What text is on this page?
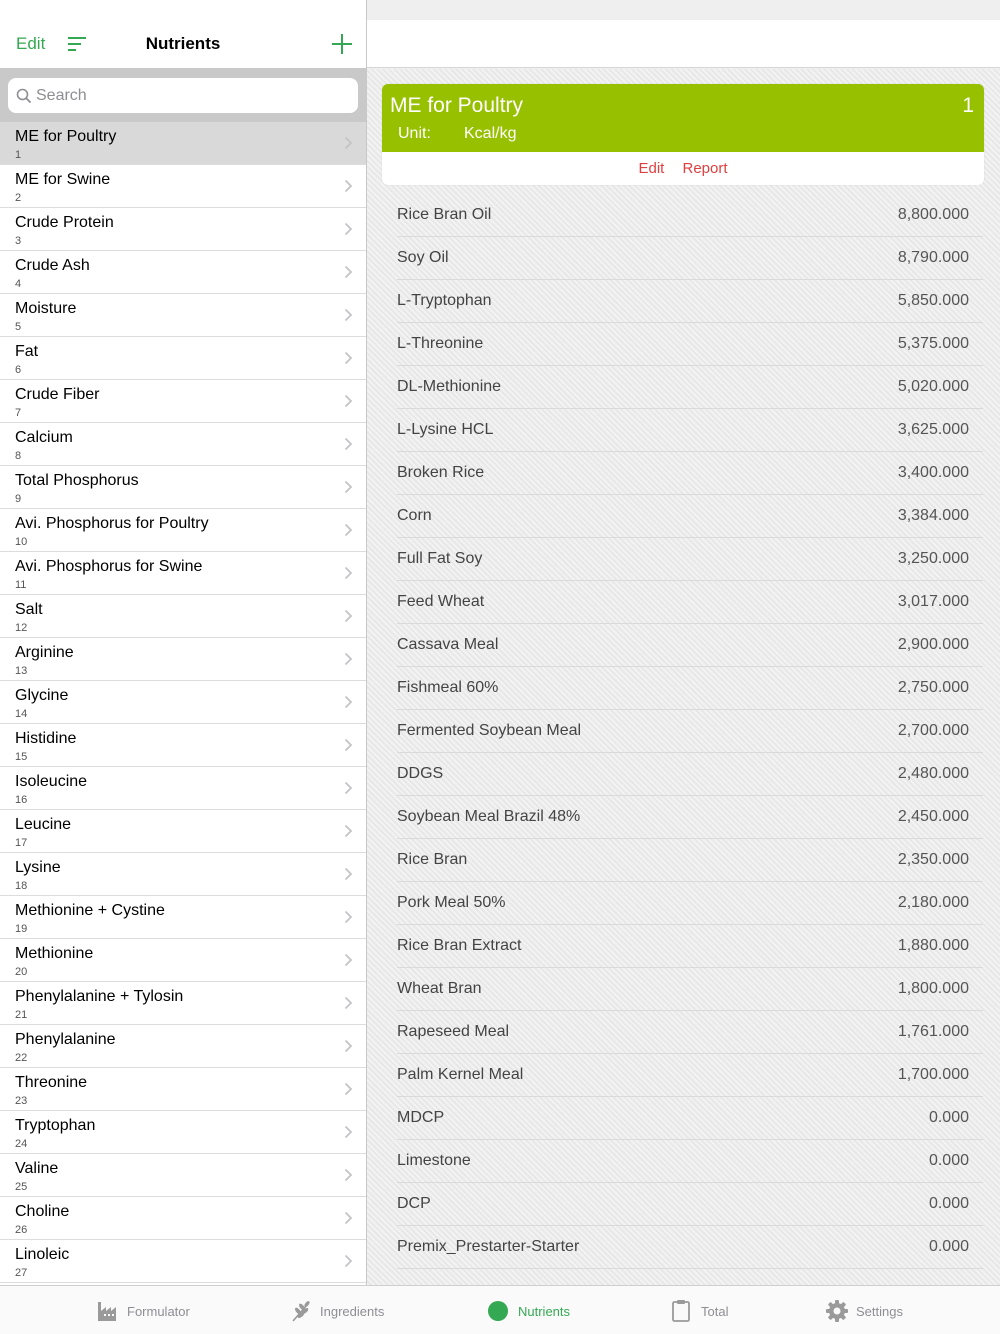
Edit	Nutrients
Search
ME for Poultry
1
ME for Swine
2
Crude Protein
3
Crude Ash
4
Moisture
5
Fat
6
Crude Fiber
7
Calcium
8
Total Phosphorus
9
Avi. Phosphorus for Poultry
10
Avi. Phosphorus for Swine
11
Salt
12
Arginine
13
Glycine
14
Histidine
15
Isoleucine
16
Leucine
17
Lysine
18
Methionine + Cystine
19
Methionine
20
Phenylalanine + Tylosin
21
Phenylalanine
22
Threonine
23
Tryptophan
24
Valine
25
Choline
26
Linoleic
27
ME for Poultry	1
Unit: Kcal/kg
Edit Report
Rice Bran Oil	8,800.000
Soy Oil	8,790.000
L-Tryptophan	5,850.000
L-Threonine	5,375.000
DL-Methionine	5,020.000
L-Lysine HCL	3,625.000
Broken Rice	3,400.000
Corn	3,384.000
Full Fat Soy	3,250.000
Feed Wheat	3,017.000
Cassava Meal	2,900.000
Fishmeal 60%	2,750.000
Fermented Soybean Meal	2,700.000
DDGS	2,480.000
Soybean Meal Brazil 48%	2,450.000
Rice Bran	2,350.000
Pork Meal 50%	2,180.000
Rice Bran Extract	1,880.000
Wheat Bran	1,800.000
Rapeseed Meal	1,761.000
Palm Kernel Meal	1,700.000
MDCP	0.000
Limestone	0.000
DCP	0.000
Premix_Prestarter-Starter	0.000
Formulator	Ingredients	Nutrients	Total	Settings
